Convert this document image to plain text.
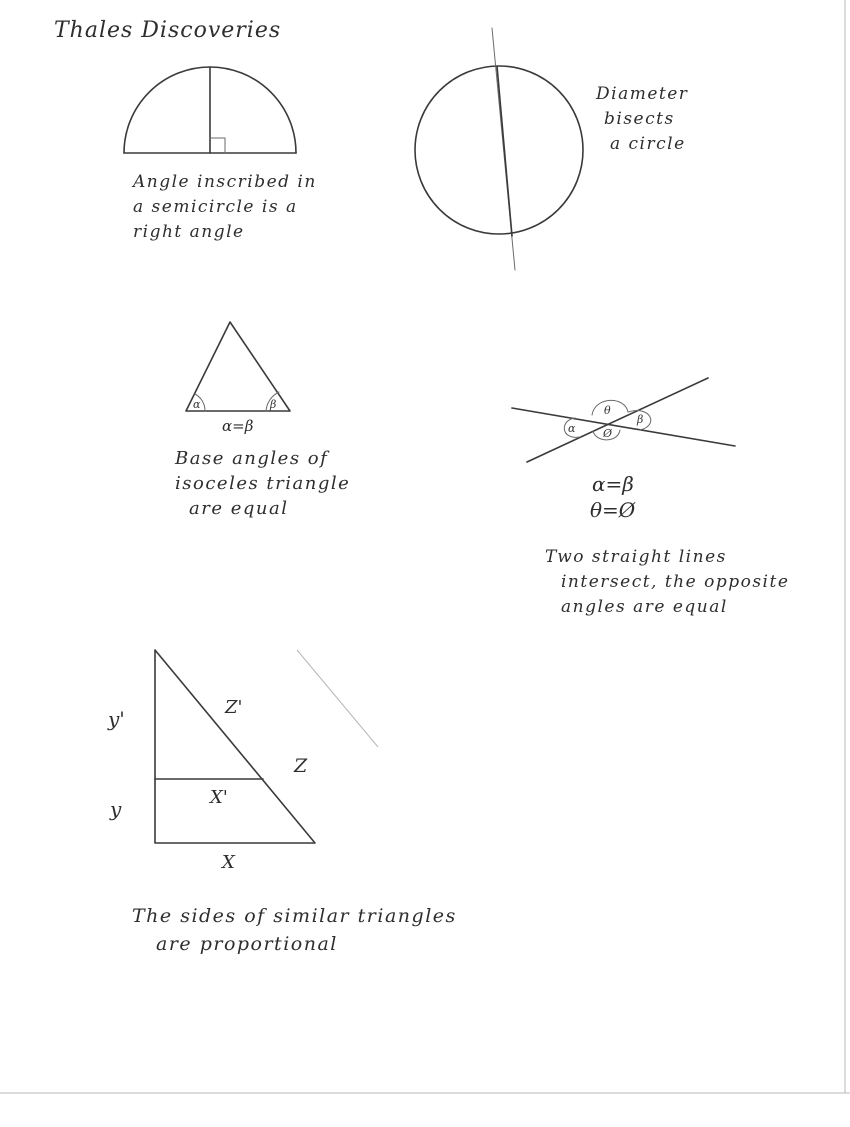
Thales Discoveries
α	β
α
θ
Ø
β
Angle inscribed in
a semicircle is a
right angle
Diameter
bisects
a circle
α=β
Base angles of
isoceles triangle
are equal
α=β
θ=Ø
Two straight lines
intersect, the opposite
angles are equal
y'
y
Z'
Z
X'
X
The sides of similar triangles
are proportional
